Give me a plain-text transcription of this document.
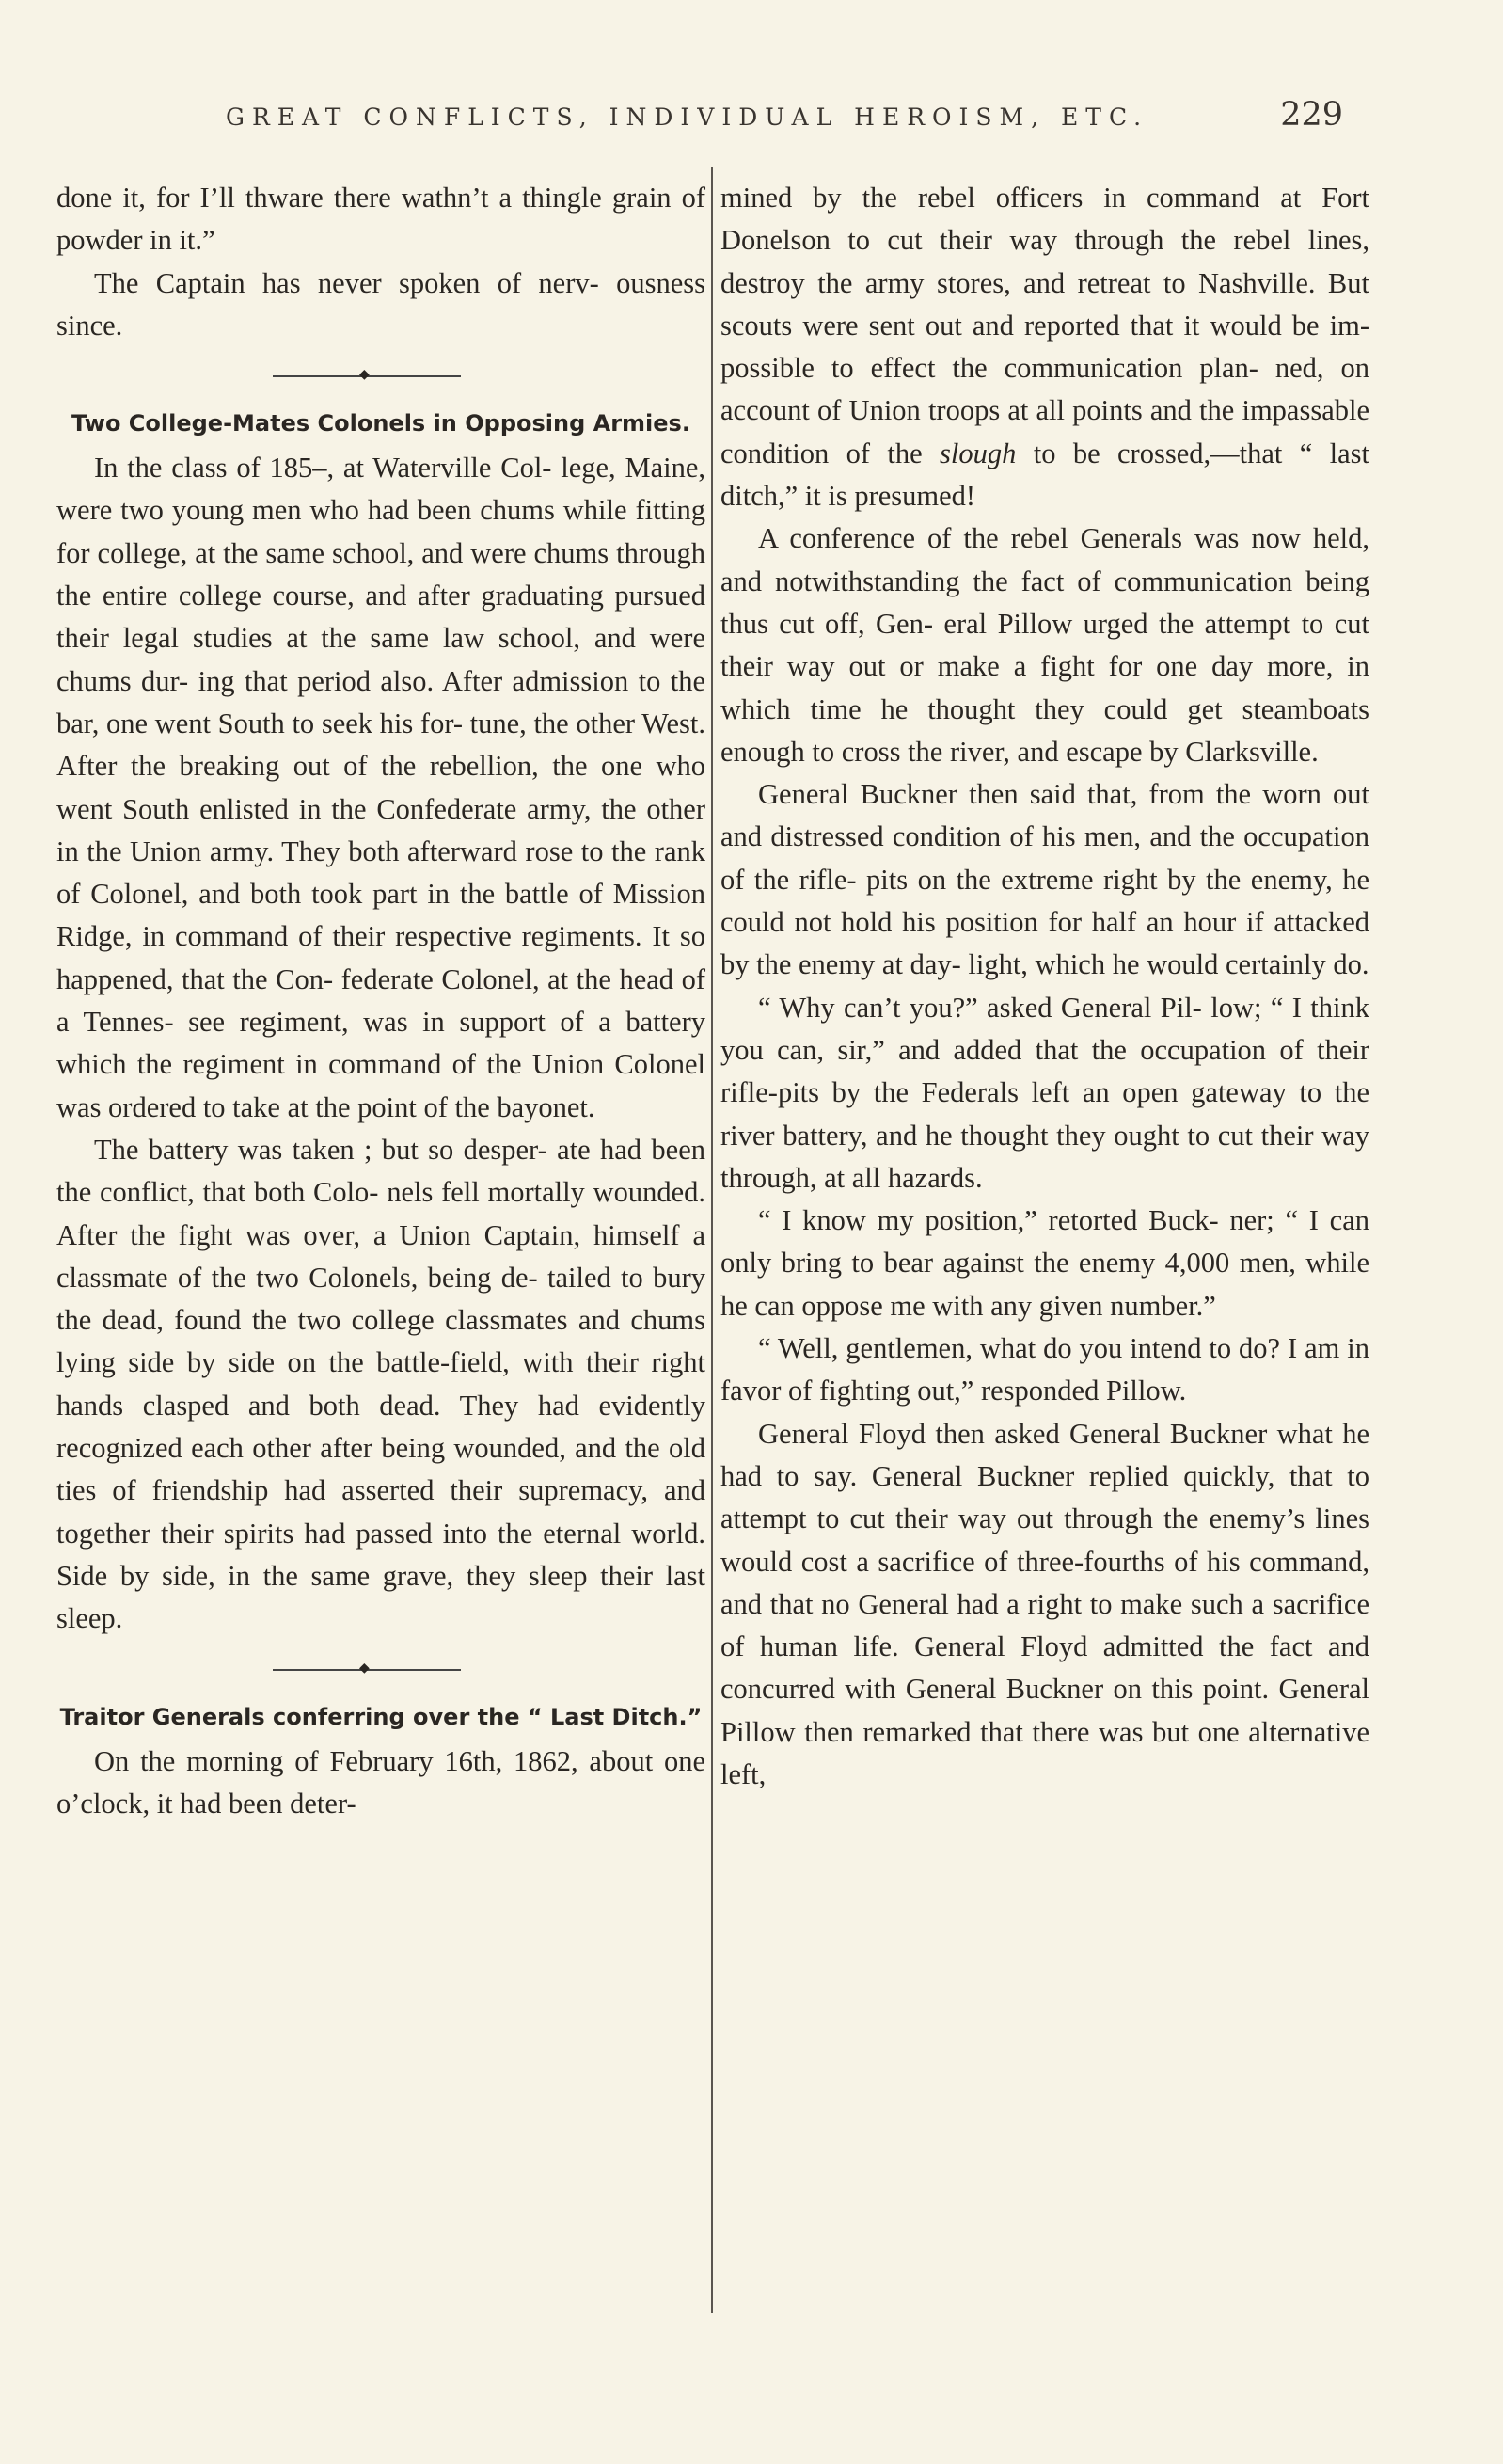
GREAT CONFLICTS, INDIVIDUAL HEROISM, ETC.	229

done it, for I’ll thware there wathn’t a thingle grain of powder in it.”

The Captain has never spoken of nerv- ousness since.

◆
Two College-Mates Colonels in Opposing Armies.

In the class of 185–, at Waterville Col- lege, Maine, were two young men who had been chums while fitting for college, at the same school, and were chums through the entire college course, and after graduating pursued their legal studies at the same law school, and were chums dur- ing that period also. After admission to the bar, one went South to seek his for- tune, the other West. After the breaking out of the rebellion, the one who went South enlisted in the Confederate army, the other in the Union army. They both afterward rose to the rank of Colonel, and both took part in the battle of Mission Ridge, in command of their respective regiments. It so happened, that the Con- federate Colonel, at the head of a Tennes- see regiment, was in support of a battery which the regiment in command of the Union Colonel was ordered to take at the point of the bayonet.

The battery was taken ; but so desper- ate had been the conflict, that both Colo- nels fell mortally wounded. After the fight was over, a Union Captain, himself a classmate of the two Colonels, being de- tailed to bury the dead, found the two college classmates and chums lying side by side on the battle-field, with their right hands clasped and both dead. They had evidently recognized each other after being wounded, and the old ties of friendship had asserted their supremacy, and together their spirits had passed into the eternal world. Side by side, in the same grave, they sleep their last sleep.

◆
Traitor Generals conferring over the “ Last Ditch.”

On the morning of February 16th, 1862, about one o’clock, it had been deter-

mined by the rebel officers in command at Fort Donelson to cut their way through the rebel lines, destroy the army stores, and retreat to Nashville. But scouts were sent out and reported that it would be im- possible to effect the communication plan- ned, on account of Union troops at all points and the impassable condition of the slough to be crossed,—that “ last ditch,” it is presumed!

A conference of the rebel Generals was now held, and notwithstanding the fact of communication being thus cut off, Gen- eral Pillow urged the attempt to cut their way out or make a fight for one day more, in which time he thought they could get steamboats enough to cross the river, and escape by Clarksville.

General Buckner then said that, from the worn out and distressed condition of his men, and the occupation of the rifle- pits on the extreme right by the enemy, he could not hold his position for half an hour if attacked by the enemy at day- light, which he would certainly do.

“ Why can’t you?” asked General Pil- low; “ I think you can, sir,” and added that the occupation of their rifle-pits by the Federals left an open gateway to the river battery, and he thought they ought to cut their way through, at all hazards.

“ I know my position,” retorted Buck- ner; “ I can only bring to bear against the enemy 4,000 men, while he can oppose me with any given number.”

“ Well, gentlemen, what do you intend to do? I am in favor of fighting out,” responded Pillow.

General Floyd then asked General Buckner what he had to say. General Buckner replied quickly, that to attempt to cut their way out through the enemy’s lines would cost a sacrifice of three-fourths of his command, and that no General had a right to make such a sacrifice of human life. General Floyd admitted the fact and concurred with General Buckner on this point. General Pillow then remarked that there was but one alternative left,
